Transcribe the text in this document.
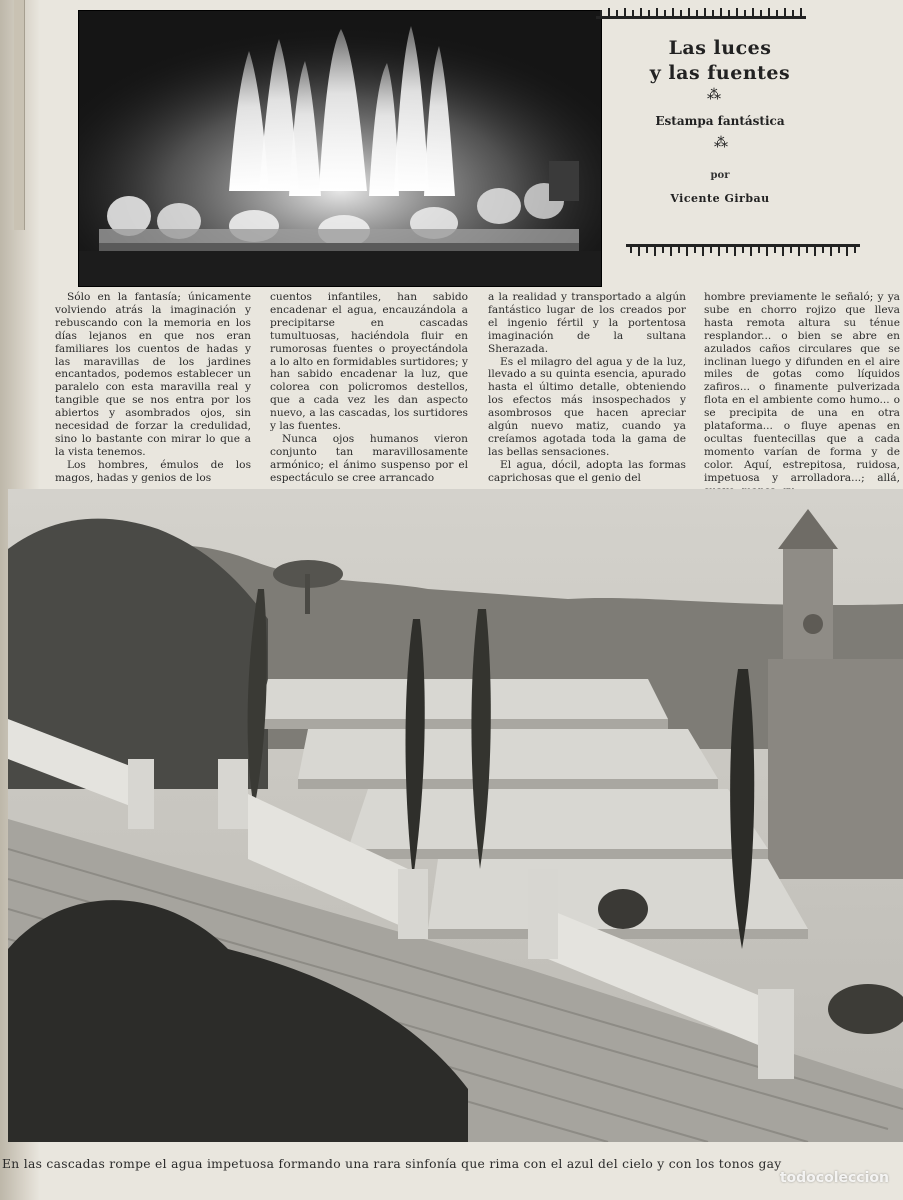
Las luces
y las fuentes
⁂
Estampa fantástica
⁂
por
Vicente Girbau

Sólo en la fantasía; únicamente volviendo atrás la imaginación y rebuscando con la memoria en los días lejanos en que nos eran familiares los cuentos de hadas y las maravillas de los jardines encantados, podemos establecer un paralelo con esta maravilla real y tangible que se nos entra por los abiertos y asombrados ojos, sin necesidad de forzar la credulidad, sino lo bastante con mirar lo que a la vista tenemos.

Los hombres, émulos de los magos, hadas y genios de los

cuentos infantiles, han sabido encadenar el agua, encauzándola a precipitarse en cascadas tumultuosas, haciéndola fluir en rumorosas fuentes o proyectándola a lo alto en formidables surtidores; y han sabido encadenar la luz, que colorea con policromos destellos, que a cada vez les dan aspecto nuevo, a las cascadas, los surtidores y las fuentes.

Nunca ojos humanos vieron conjunto tan maravillosamente armónico; el ánimo suspenso por el espectáculo se cree arrancado

a la realidad y transportado a algún fantástico lugar de los creados por el ingenio fértil y la portentosa imaginación de la sultana Sherazada.

Es el milagro del agua y de la luz, llevado a su quinta esencia, apurado hasta el último detalle, obteniendo los efectos más insospechados y asombrosos que hacen apreciar algún nuevo matiz, cuando ya creíamos agotada toda la gama de las bellas sensaciones.

El agua, dócil, adopta las formas caprichosas que el genio del

hombre previamente le señaló; y ya sube en chorro rojizo que lleva hasta remota altura su ténue resplandor... o bien se abre en azulados caños circulares que se inclinan luego y difunden en el aire miles de gotas como líquidos zafiros... o finamente pulverizada flota en el ambiente como humo... o se precipita de una en otra plataforma... o fluye apenas en ocultas fuentecillas que a cada momento varían de forma y de color. Aquí, estrepitosa, ruidosa, impetuosa y arrolladora...; allá,

En las cascadas rompe el agua impetuosa formando una rara sinfonía que rima con el azul del cielo y con los tonos gay
todocoleccion
